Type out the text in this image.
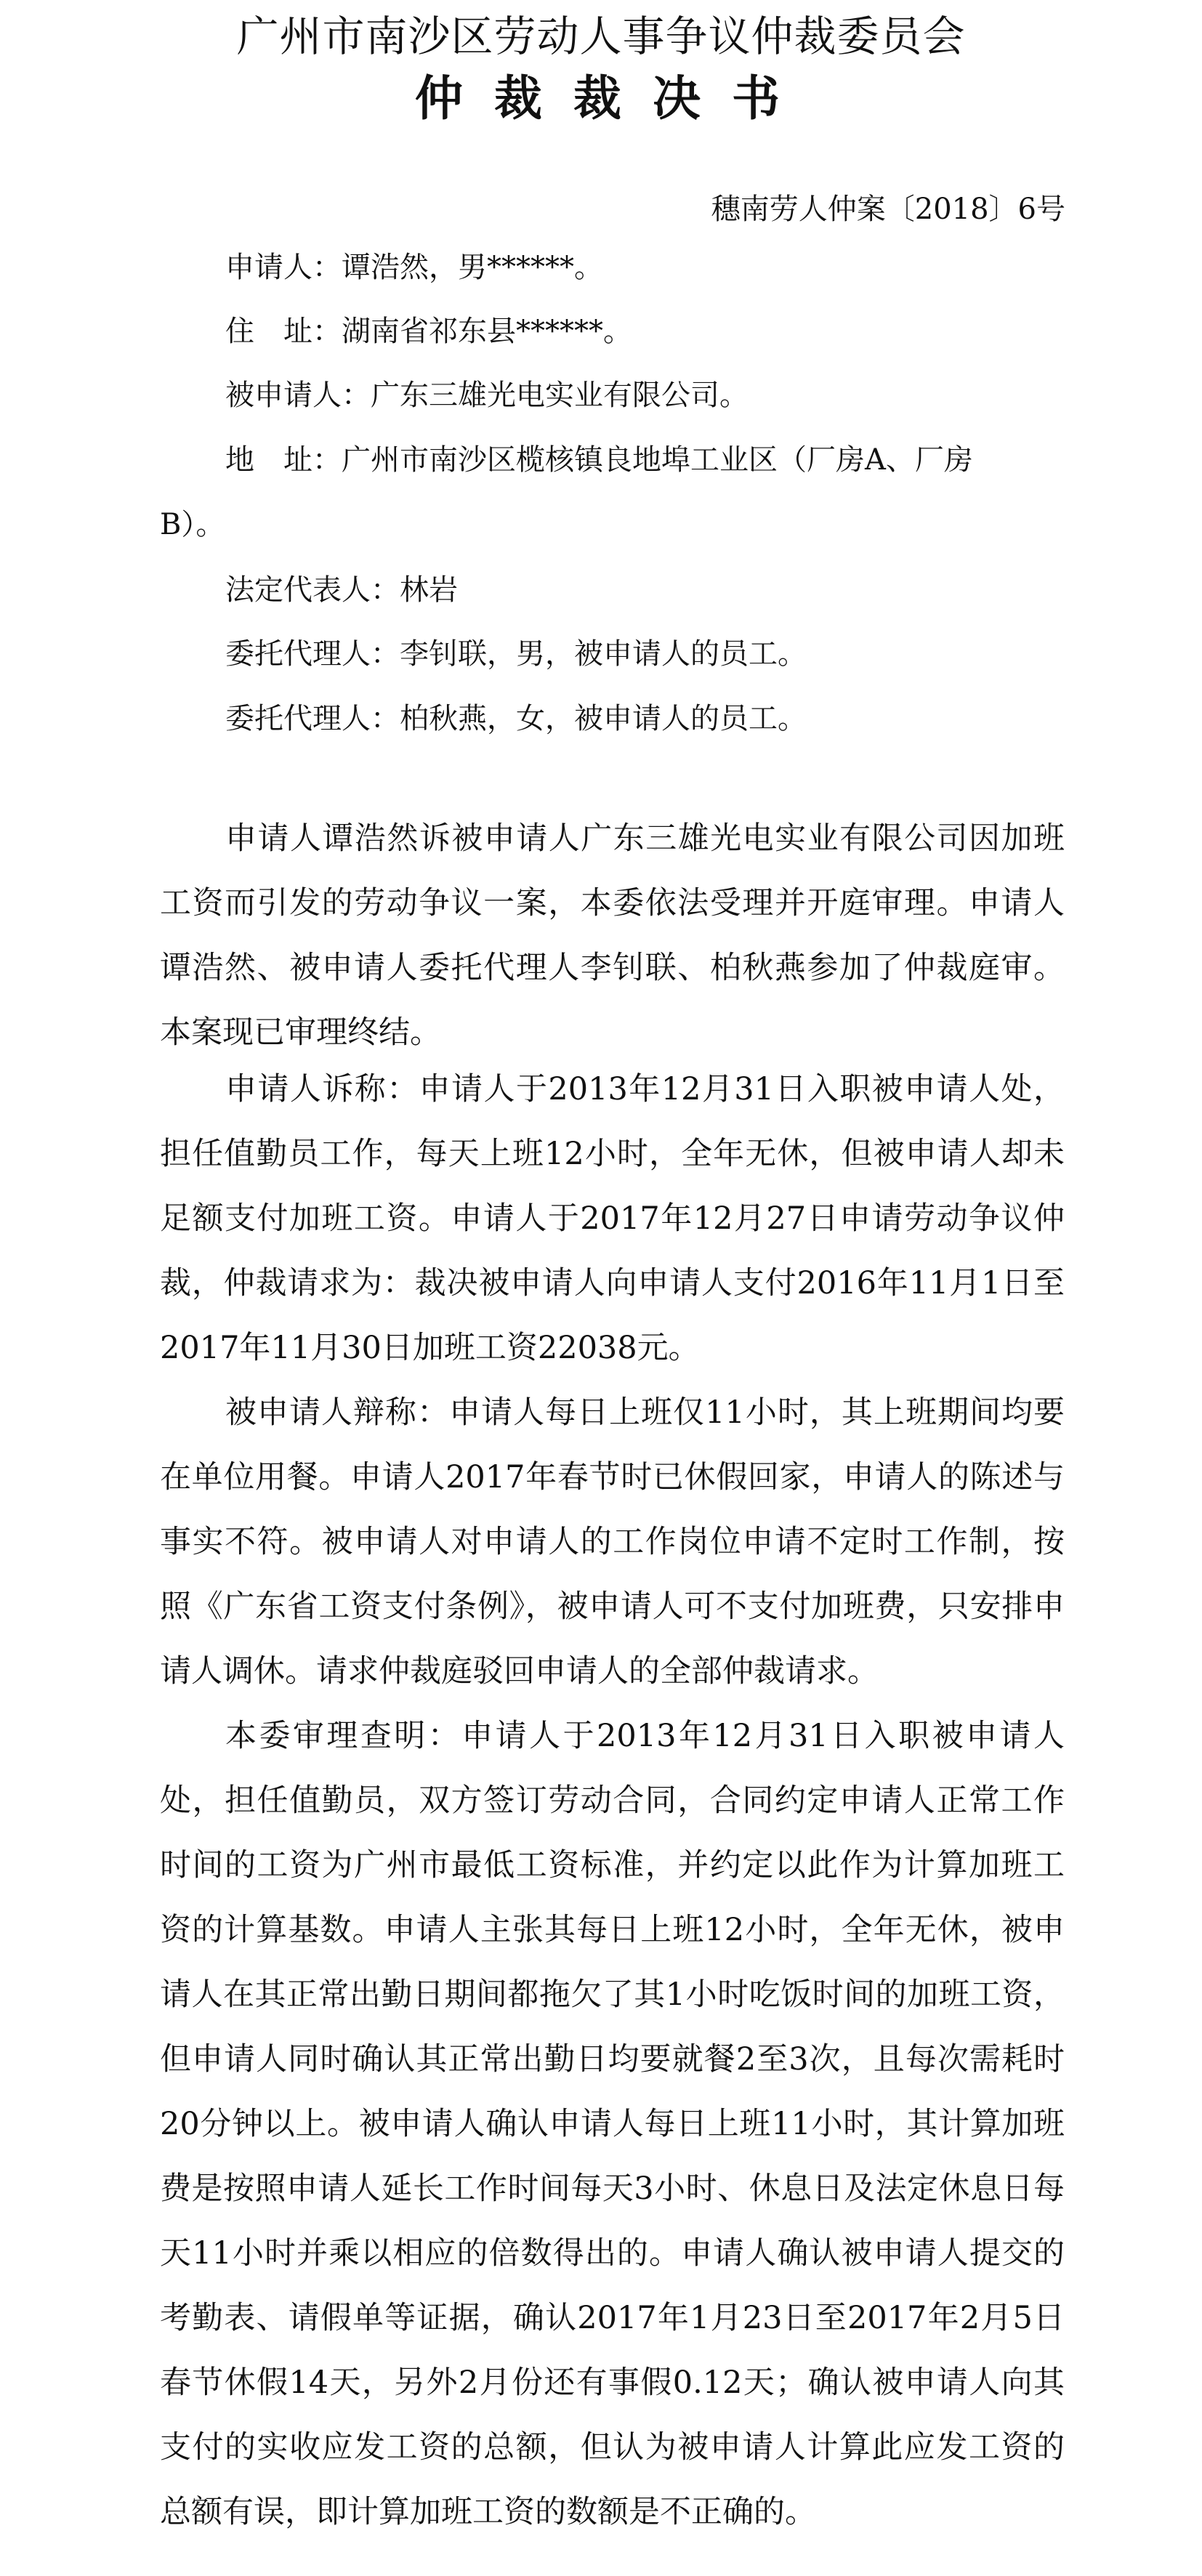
广州市南沙区劳动人事争议仲裁委员会
仲 裁 裁 决 书
穗南劳人仲案〔2018〕6号
申请人：谭浩然，男******。
住　址：湖南省祁东县******。
被申请人：广东三雄光电实业有限公司。
地　址：广州市南沙区榄核镇良地埠工业区（厂房A、厂房
B）。
法定代表人：林岩
委托代理人：李钊联，男，被申请人的员工。
委托代理人：柏秋燕，女，被申请人的员工。

申请人谭浩然诉被申请人广东三雄光电实业有限公司因加班工资而引发的劳动争议一案，本委依法受理并开庭审理。申请人谭浩然、被申请人委托代理人李钊联、柏秋燕参加了仲裁庭审。本案现已审理终结。

申请人诉称：申请人于2013年12月31日入职被申请人处，担任值勤员工作，每天上班12小时，全年无休，但被申请人却未足额支付加班工资。申请人于2017年12月27日申请劳动争议仲裁，仲裁请求为：裁决被申请人向申请人支付2016年11月1日至2017年11月30日加班工资22038元。

被申请人辩称：申请人每日上班仅11小时，其上班期间均要在单位用餐。申请人2017年春节时已休假回家，申请人的陈述与事实不符。被申请人对申请人的工作岗位申请不定时工作制，按照《广东省工资支付条例》，被申请人可不支付加班费，只安排申请人调休。请求仲裁庭驳回申请人的全部仲裁请求。

本委审理查明：申请人于2013年12月31日入职被申请人处，担任值勤员，双方签订劳动合同，合同约定申请人正常工作时间的工资为广州市最低工资标准，并约定以此作为计算加班工资的计算基数。申请人主张其每日上班12小时，全年无休，被申请人在其正常出勤日期间都拖欠了其1小时吃饭时间的加班工资，但申请人同时确认其正常出勤日均要就餐2至3次，且每次需耗时20分钟以上。被申请人确认申请人每日上班11小时，其计算加班费是按照申请人延长工作时间每天3小时、休息日及法定休息日每天11小时并乘以相应的倍数得出的。申请人确认被申请人提交的考勤表、请假单等证据，确认2017年1月23日至2017年2月5日春节休假14天，另外2月份还有事假0.12天；确认被申请人向其支付的实收应发工资的总额，但认为被申请人计算此应发工资的总额有误，即计算加班工资的数额是不正确的。
